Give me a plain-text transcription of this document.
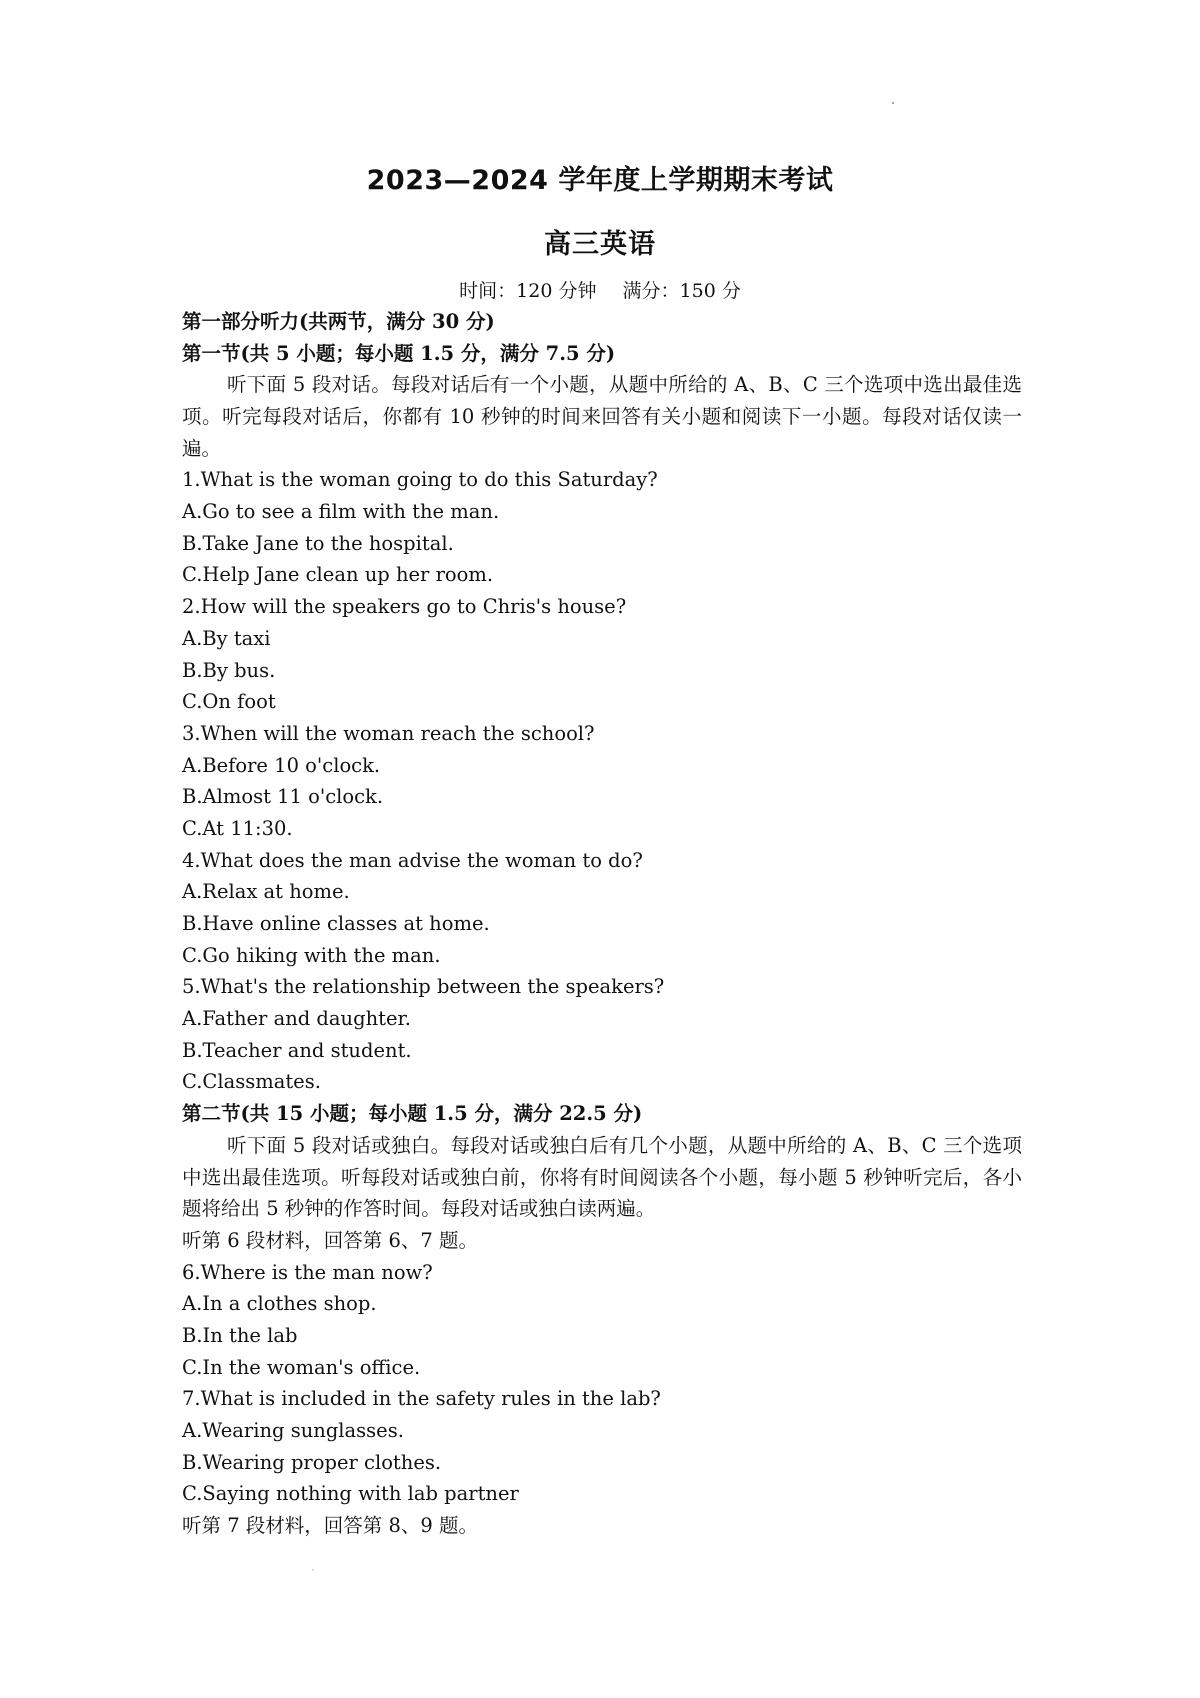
2023—2024 学年度上学期期末考试
高三英语
时间：120 分钟 满分：150 分
第一部分听力(共两节，满分 30 分)
第一节(共 5 小题；每小题 1.5 分，满分 7.5 分)
听下面 5 段对话。每段对话后有一个小题，从题中所给的 A、B、C 三个选项中选出最佳选项。听完每段对话后，你都有 10 秒钟的时间来回答有关小题和阅读下一小题。每段对话仅读一遍。
1.What is the woman going to do this Saturday?
A.Go to see a film with the man.
B.Take Jane to the hospital.
C.Help Jane clean up her room.
2.How will the speakers go to Chris's house?
A.By taxi
B.By bus.
C.On foot
3.When will the woman reach the school?
A.Before 10 o'clock.
B.Almost 11 o'clock.
C.At 11:30.
4.What does the man advise the woman to do?
A.Relax at home.
B.Have online classes at home.
C.Go hiking with the man.
5.What's the relationship between the speakers?
A.Father and daughter.
B.Teacher and student.
C.Classmates.
第二节(共 15 小题；每小题 1.5 分，满分 22.5 分)
听下面 5 段对话或独白。每段对话或独白后有几个小题，从题中所给的 A、B、C 三个选项中选出最佳选项。听每段对话或独白前，你将有时间阅读各个小题，每小题 5 秒钟听完后，各小题将给出 5 秒钟的作答时间。每段对话或独白读两遍。
听第 6 段材料，回答第 6、7 题。
6.Where is the man now?
A.In a clothes shop.
B.In the lab
C.In the woman's office.
7.What is included in the safety rules in the lab?
A.Wearing sunglasses.
B.Wearing proper clothes.
C.Saying nothing with lab partner
听第 7 段材料，回答第 8、9 题。
